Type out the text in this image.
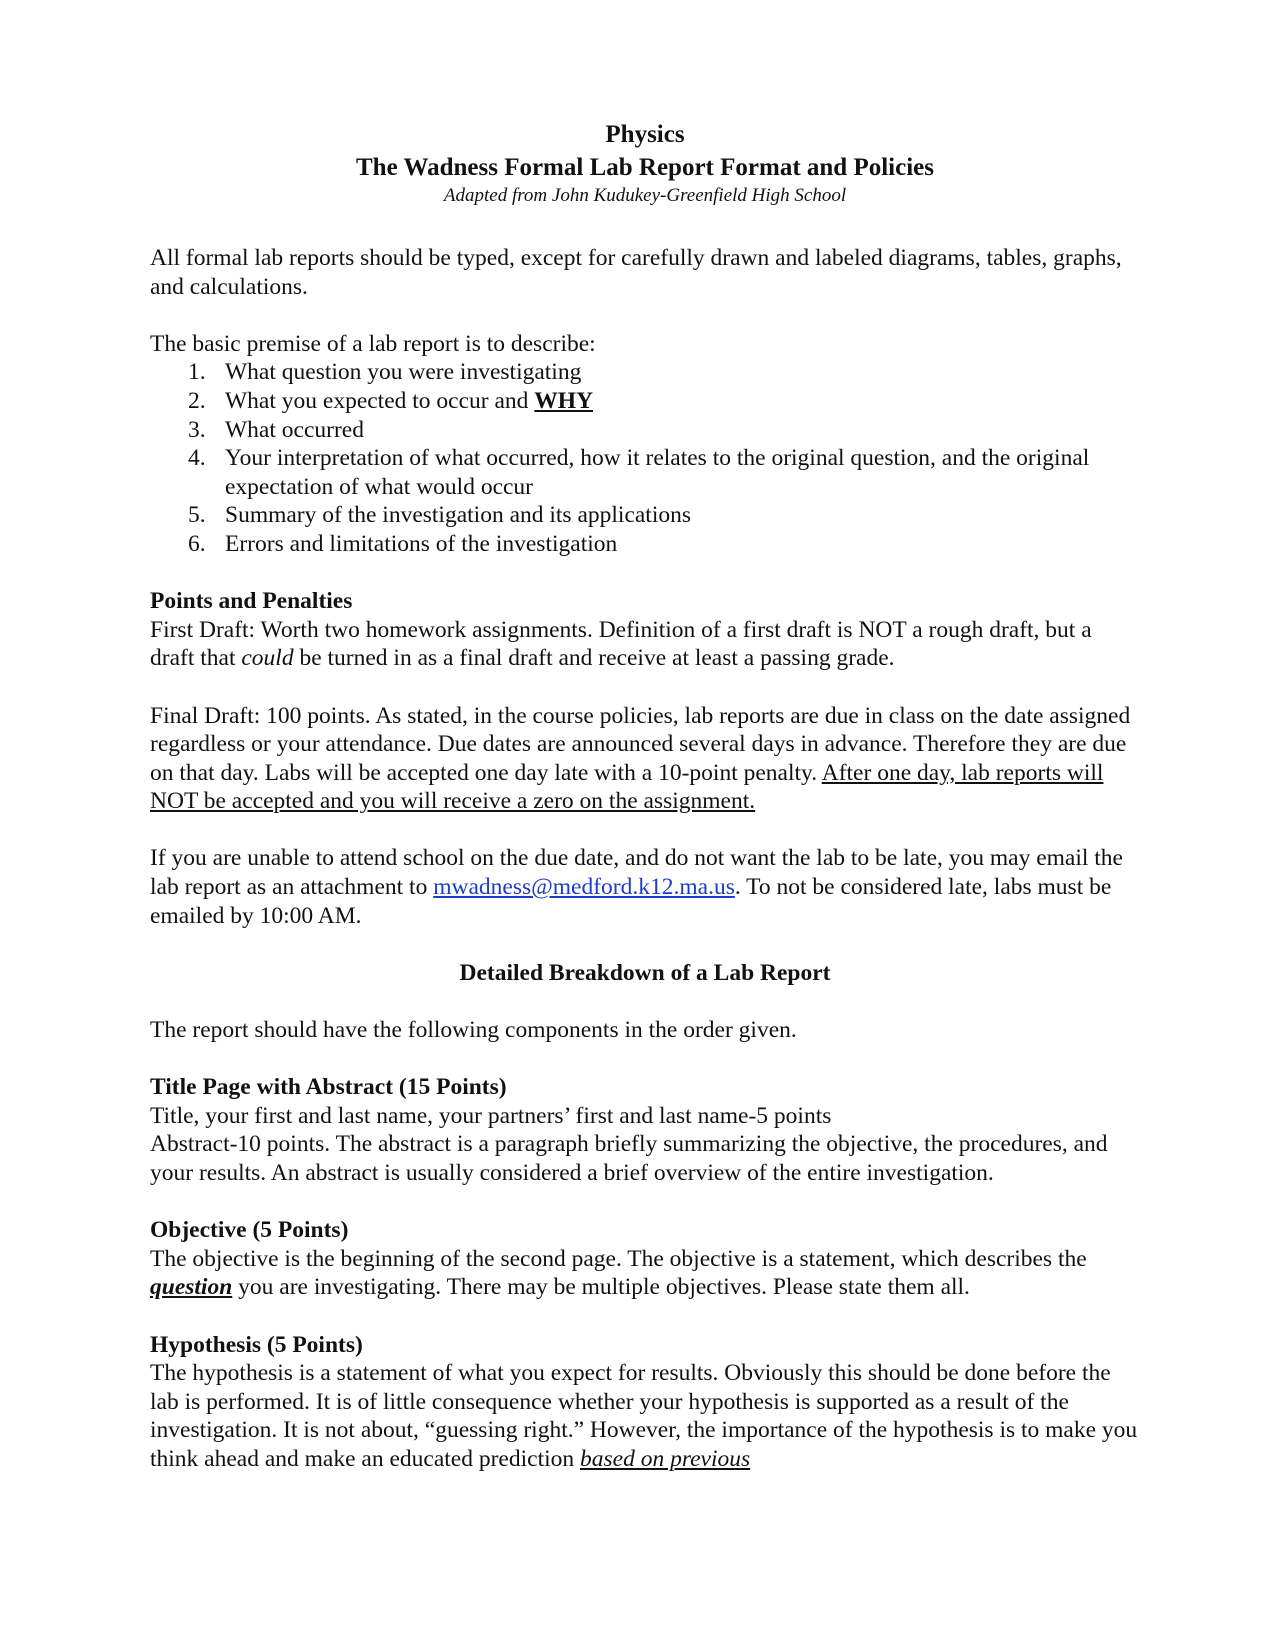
Physics
The Wadness Formal Lab Report Format and Policies
Adapted from John Kudukey-Greenfield High School

All formal lab reports should be typed, except for carefully drawn and labeled diagrams, tables, graphs, and calculations.

The basic premise of a lab report is to describe:

1. What question you were investigating
2. What you expected to occur and WHY
3. What occurred
4. Your interpretation of what occurred, how it relates to the original question, and the original expectation of what would occur
5. Summary of the investigation and its applications
6. Errors and limitations of the investigation

Points and Penalties

First Draft: Worth two homework assignments. Definition of a first draft is NOT a rough draft, but a draft that could be turned in as a final draft and receive at least a passing grade.

Final Draft: 100 points. As stated, in the course policies, lab reports are due in class on the date assigned regardless or your attendance. Due dates are announced several days in advance. Therefore they are due on that day. Labs will be accepted one day late with a 10-point penalty. After one day, lab reports will NOT be accepted and you will receive a zero on the assignment.

If you are unable to attend school on the due date, and do not want the lab to be late, you may email the lab report as an attachment to mwadness@medford.k12.ma.us. To not be considered late, labs must be emailed by 10:00 AM.

Detailed Breakdown of a Lab Report

The report should have the following components in the order given.

Title Page with Abstract (15 Points)

Title, your first and last name, your partners’ first and last name-5 points

Abstract-10 points. The abstract is a paragraph briefly summarizing the objective, the procedures, and your results. An abstract is usually considered a brief overview of the entire investigation.

Objective (5 Points)

The objective is the beginning of the second page. The objective is a statement, which describes the question you are investigating. There may be multiple objectives. Please state them all.

Hypothesis (5 Points)

The hypothesis is a statement of what you expect for results. Obviously this should be done before the lab is performed. It is of little consequence whether your hypothesis is supported as a result of the investigation. It is not about, “guessing right.” However, the importance of the hypothesis is to make you think ahead and make an educated prediction based on previous
